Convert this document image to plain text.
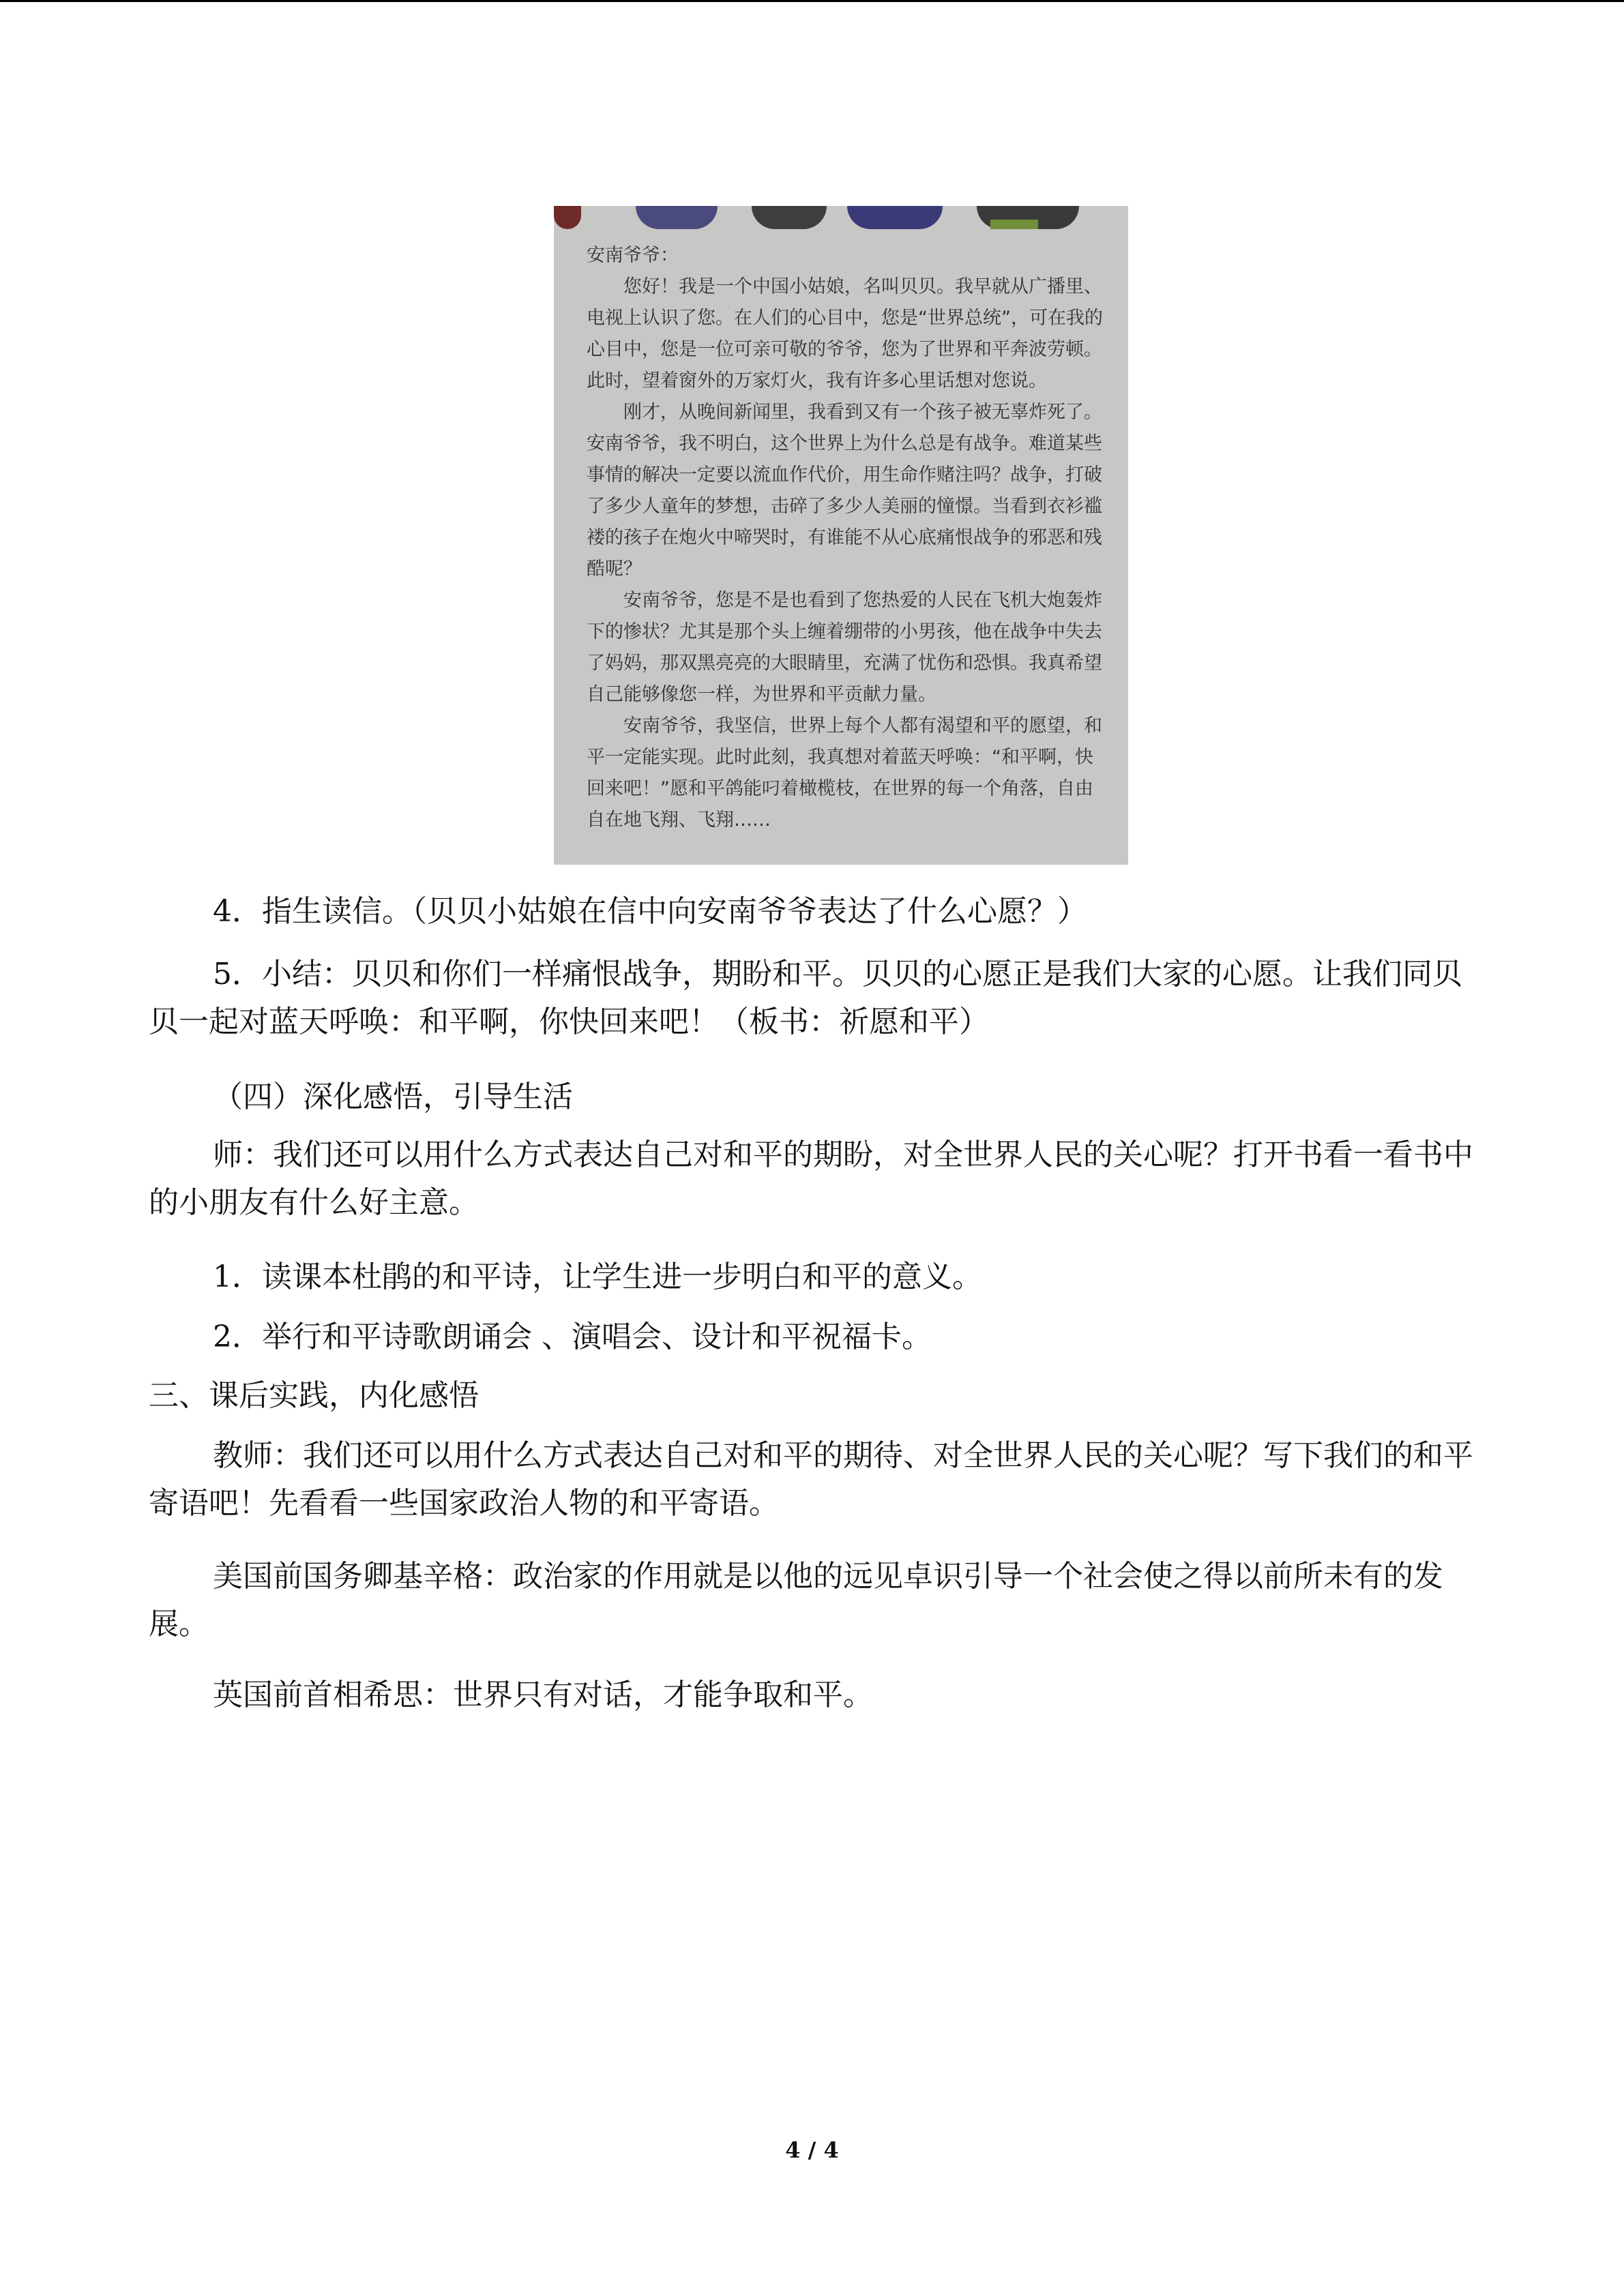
安南爷爷：

您好！我是一个中国小姑娘，名叫贝贝。我早就从广播里、电视上认识了您。在人们的心目中，您是“世界总统”，可在我的心目中，您是一位可亲可敬的爷爷，您为了世界和平奔波劳顿。此时，望着窗外的万家灯火，我有许多心里话想对您说。

刚才，从晚间新闻里，我看到又有一个孩子被无辜炸死了。安南爷爷，我不明白，这个世界上为什么总是有战争。难道某些事情的解决一定要以流血作代价，用生命作赌注吗？战争，打破了多少人童年的梦想，击碎了多少人美丽的憧憬。当看到衣衫褴褛的孩子在炮火中啼哭时，有谁能不从心底痛恨战争的邪恶和残酷呢？

安南爷爷，您是不是也看到了您热爱的人民在飞机大炮轰炸下的惨状？尤其是那个头上缠着绷带的小男孩，他在战争中失去了妈妈，那双黑亮亮的大眼睛里，充满了忧伤和恐惧。我真希望自己能够像您一样，为世界和平贡献力量。

安南爷爷，我坚信，世界上每个人都有渴望和平的愿望，和平一定能实现。此时此刻，我真想对着蓝天呼唤：“和平啊，快回来吧！”愿和平鸽能叼着橄榄枝，在世界的每一个角落，自由自在地飞翔、飞翔……

4．指生读信。（贝贝小姑娘在信中向安南爷爷表达了什么心愿？）

5．小结：贝贝和你们一样痛恨战争，期盼和平。贝贝的心愿正是我们大家的心愿。让我们同贝贝一起对蓝天呼唤：和平啊，你快回来吧！（板书：祈愿和平）

（四）深化感悟，引导生活

师：我们还可以用什么方式表达自己对和平的期盼，对全世界人民的关心呢？打开书看一看书中的小朋友有什么好主意。

1．读课本杜鹃的和平诗，让学生进一步明白和平的意义。

2．举行和平诗歌朗诵会 、演唱会、设计和平祝福卡。

三、课后实践，内化感悟

教师：我们还可以用什么方式表达自己对和平的期待、对全世界人民的关心呢？写下我们的和平寄语吧！先看看一些国家政治人物的和平寄语。

美国前国务卿基辛格：政治家的作用就是以他的远见卓识引导一个社会使之得以前所未有的发展。

英国前首相希思：世界只有对话，才能争取和平。

4 / 4
